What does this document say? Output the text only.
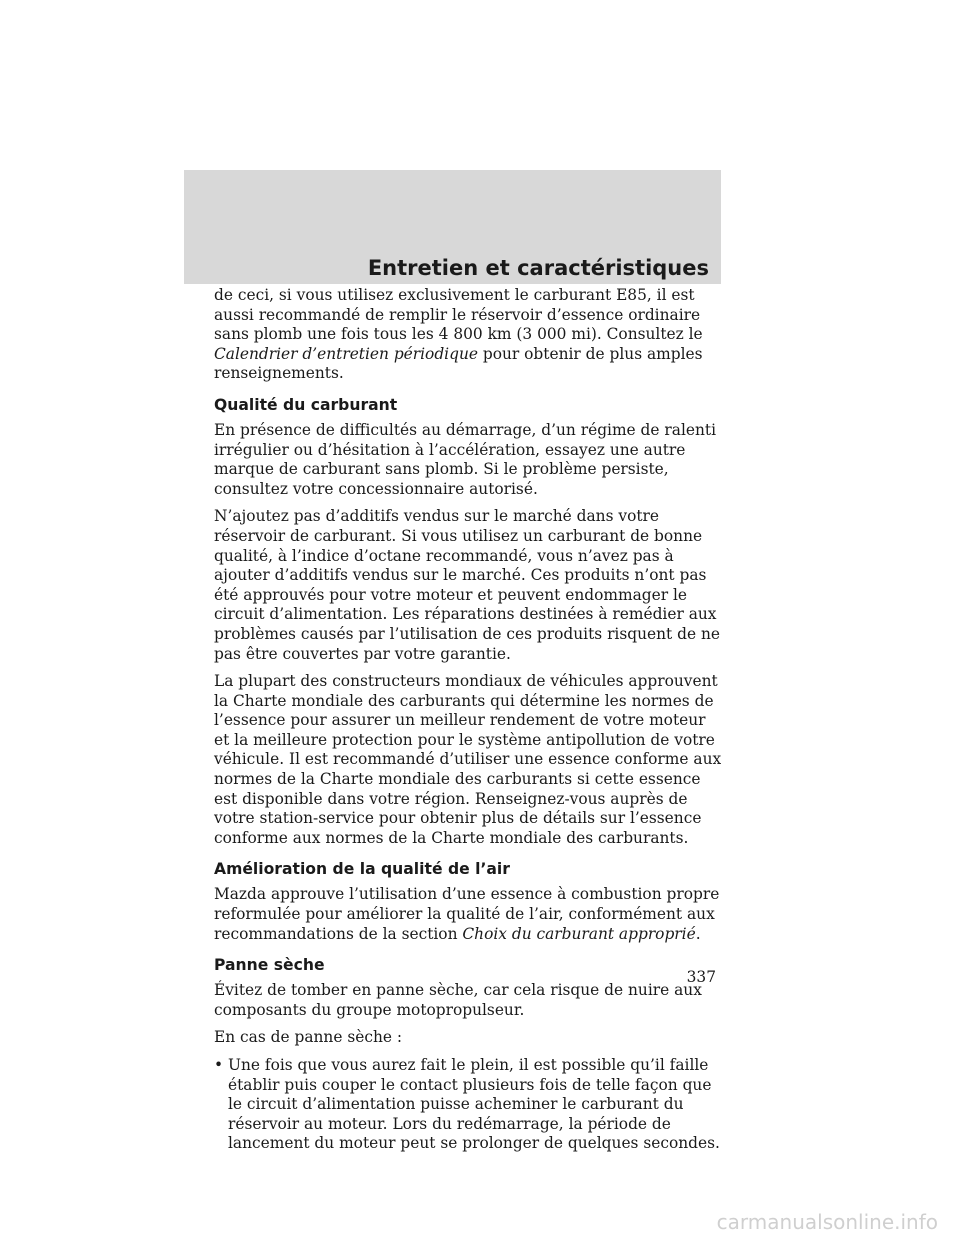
Entretien et caractéristiques

de ceci, si vous utilisez exclusivement le carburant E85, il est aussi recommandé de remplir le réservoir d’essence ordinaire sans plomb une fois tous les 4 800 km (3 000 mi). Consultez le Calendrier d’entretien périodique pour obtenir de plus amples renseignements.

Qualité du carburant

En présence de difficultés au démarrage, d’un régime de ralenti irrégulier ou d’hésitation à l’accélération, essayez une autre marque de carburant sans plomb. Si le problème persiste, consultez votre concessionnaire autorisé.

N’ajoutez pas d’additifs vendus sur le marché dans votre réservoir de carburant. Si vous utilisez un carburant de bonne qualité, à l’indice d’octane recommandé, vous n’avez pas à ajouter d’additifs vendus sur le marché. Ces produits n’ont pas été approuvés pour votre moteur et peuvent endommager le circuit d’alimentation. Les réparations destinées à remédier aux problèmes causés par l’utilisation de ces produits risquent de ne pas être couvertes par votre garantie.

La plupart des constructeurs mondiaux de véhicules approuvent la Charte mondiale des carburants qui détermine les normes de l’essence pour assurer un meilleur rendement de votre moteur et la meilleure protection pour le système antipollution de votre véhicule. Il est recommandé d’utiliser une essence conforme aux normes de la Charte mondiale des carburants si cette essence est disponible dans votre région. Renseignez-vous auprès de votre station-service pour obtenir plus de détails sur l’essence conforme aux normes de la Charte mondiale des carburants.

Amélioration de la qualité de l’air

Mazda approuve l’utilisation d’une essence à combustion propre reformulée pour améliorer la qualité de l’air, conformément aux recommandations de la section Choix du carburant approprié.

Panne sèche

Évitez de tomber en panne sèche, car cela risque de nuire aux composants du groupe motopropulseur.

En cas de panne sèche :

• Une fois que vous aurez fait le plein, il est possible qu’il faille établir puis couper le contact plusieurs fois de telle façon que le circuit d’alimentation puisse acheminer le carburant du réservoir au moteur. Lors du redémarrage, la période de lancement du moteur peut se prolonger de quelques secondes.
337
carmanualsonline.info
